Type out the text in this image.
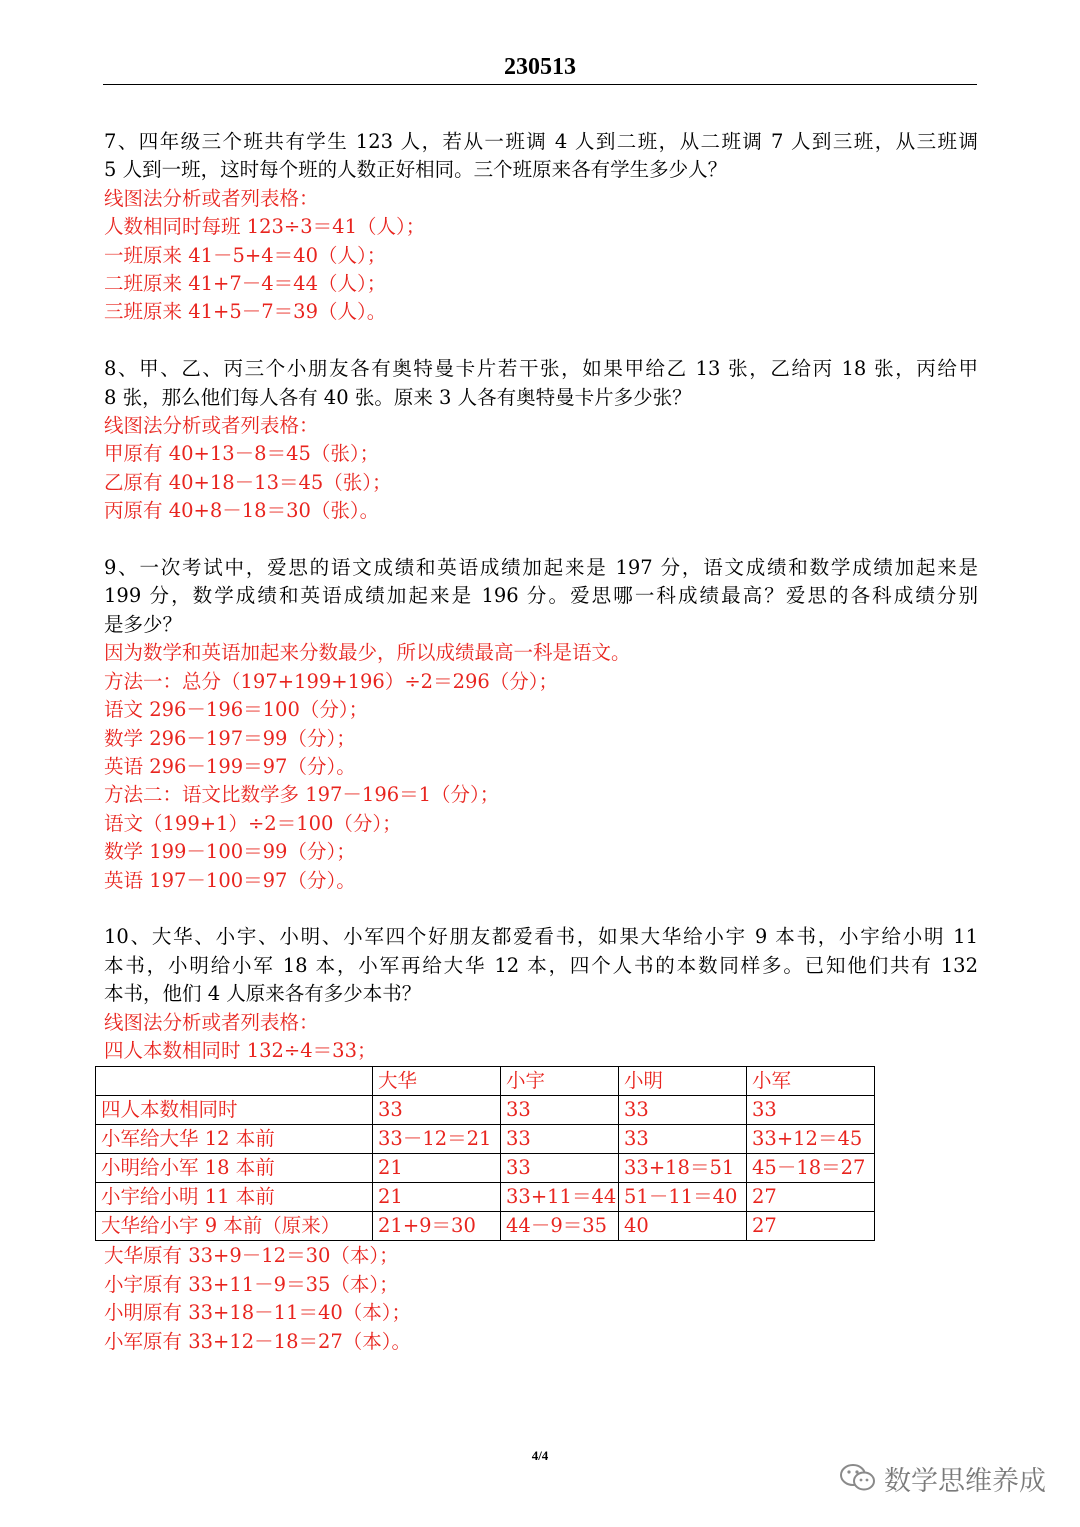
230513
7、四年级三个班共有学生 123 人，若从一班调 4 人到二班，从二班调 7 人到三班，从三班调
5 人到一班，这时每个班的人数正好相同。三个班原来各有学生多少人？
线图法分析或者列表格：
人数相同时每班 123÷3＝41（人）；
一班原来 41－5+4＝40（人）；
二班原来 41+7－4＝44（人）；
三班原来 41+5－7＝39（人）。
8、甲、乙、丙三个小朋友各有奥特曼卡片若干张，如果甲给乙 13 张，乙给丙 18 张，丙给甲
8 张，那么他们每人各有 40 张。原来 3 人各有奥特曼卡片多少张？
线图法分析或者列表格：
甲原有 40+13－8＝45（张）；
乙原有 40+18－13＝45（张）；
丙原有 40+8－18＝30（张）。
9、一次考试中，爱思的语文成绩和英语成绩加起来是 197 分，语文成绩和数学成绩加起来是
199 分，数学成绩和英语成绩加起来是 196 分。爱思哪一科成绩最高？爱思的各科成绩分别
是多少？
因为数学和英语加起来分数最少，所以成绩最高一科是语文。
方法一：总分（197+199+196）÷2＝296（分）；
语文 296－196＝100（分）；
数学 296－197＝99（分）；
英语 296－199＝97（分）。
方法二：语文比数学多 197－196＝1（分）；
语文（199+1）÷2＝100（分）；
数学 199－100＝99（分）；
英语 197－100＝97（分）。
10、大华、小宇、小明、小军四个好朋友都爱看书，如果大华给小宇 9 本书，小宇给小明 11
本书，小明给小军 18 本，小军再给大华 12 本，四个人书的本数同样多。已知他们共有 132
本书，他们 4 人原来各有多少本书？
线图法分析或者列表格：
四人本数相同时 132÷4＝33；
	大华	小宇	小明	小军
四人本数相同时	33	33	33	33
小军给大华 12 本前	33－12＝21	33	33	33+12＝45
小明给小军 18 本前	21	33	33+18＝51	45－18＝27
小宇给小明 11 本前	21	33+11＝44	51－11＝40	27
大华给小宇 9 本前（原来）	21+9＝30	44－9＝35	40	27
大华原有 33+9－12＝30（本）；
小宇原有 33+11－9＝35（本）；
小明原有 33+18－11＝40（本）；
小军原有 33+12－18＝27（本）。
4/4
数学思维养成
